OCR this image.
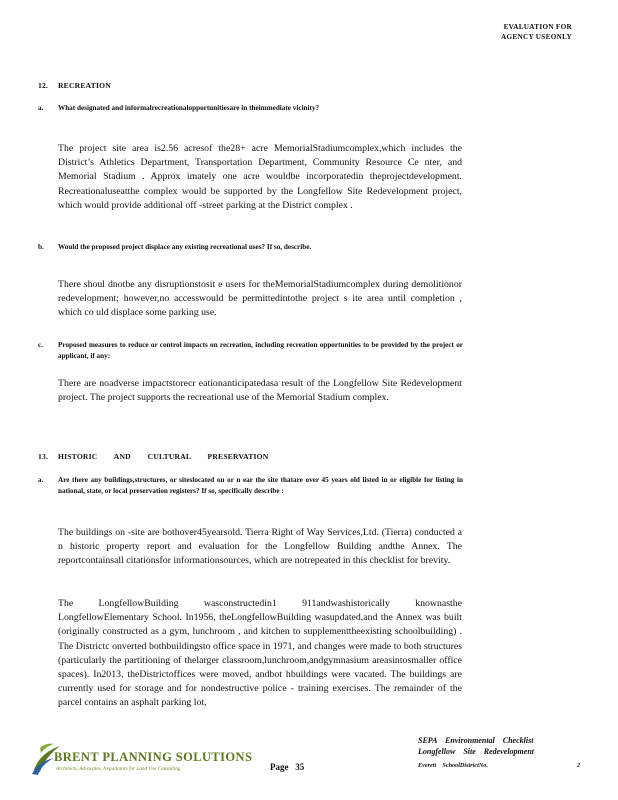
EVALUATION FOR
AGENCY USEONLY
12. RECREATION
a. What designated and informalrecreationalopportunitiesare in theimmediate vicinity?

The project site area is2.56 acresof the28+ acre MemorialStadiumcomplex,which includes the District’s Athletics Department, Transportation Department, Community Resource Ce nter, and Memorial Stadium . Approx imately one acre wouldbe incorporatedin theprojectdevelopment. Recreationaluseatthe complex would be supported by the Longfellow Site Redevelopment project, which would provide additional off -street parking at the District complex .

b. Would the proposed project displace any existing recreational uses? If so, describe.

There shoul dnotbe any disruptionstosit e users for theMemorialStadiumcomplex during demolitionor redevelopment; however,no accesswould be permittedintothe project s ite area until completion , which co uld displace some parking use.

c. Proposed measures to reduce or control impacts on recreation, including recreation opportunities to be provided by the project or applicant, if any:

There are noadverse impactstorecr eationanticipatedasa result of the Longfellow Site Redevelopment project. The project supports the recreational use of the Memorial Stadium complex.

13. HISTORIC        AND        CULTURAL        PRESERVATION
a. Are there any buildings,structures, or siteslocated on or n ear the site thatare over 45 years old listed in or eligible for listing in national, state, or local preservation registers? If so, specifically describe :

The buildings on -site are bothover45yearsold. Tierra Right of Way Services,Ltd. (Tierra) conducted a n historic property report and evaluation for the Longfellow Building andthe Annex. The reportcontainsall citationsfor informationsources, which are notrepeated in this checklist for brevity.

The LongfellowBuilding wasconstructedin1 911andwashistorically knownasthe LongfellowElementary School. In1956, theLongfellowBuilding wasupdated,and the Annex was built (originally constructed as a gym, lunchroom , and kitchen to supplementtheexisting schoolbuilding) . The Districtc onverted bothbuildingsto office space in 1971, and changes were made to both structures (particularly the partitioning of thelarger classroom,lunchroom,andgymnasium areasintosmaller office spaces). In2013, theDistrictoffices were moved, andbot hbuildings were vacated. The buildings are currently used for storage and for nondestructive police - training exercises. The remainder of the parcel contains an asphalt parking lot,

BRENT PLANNING SOLUTIONS
Architects, Advocates, Negotiators for Land Use Consulting	Page 35
SEPA    Environmental    Checklist
Longfellow    Site    Redevelopment
Everett    SchoolDistrictNo.	2
